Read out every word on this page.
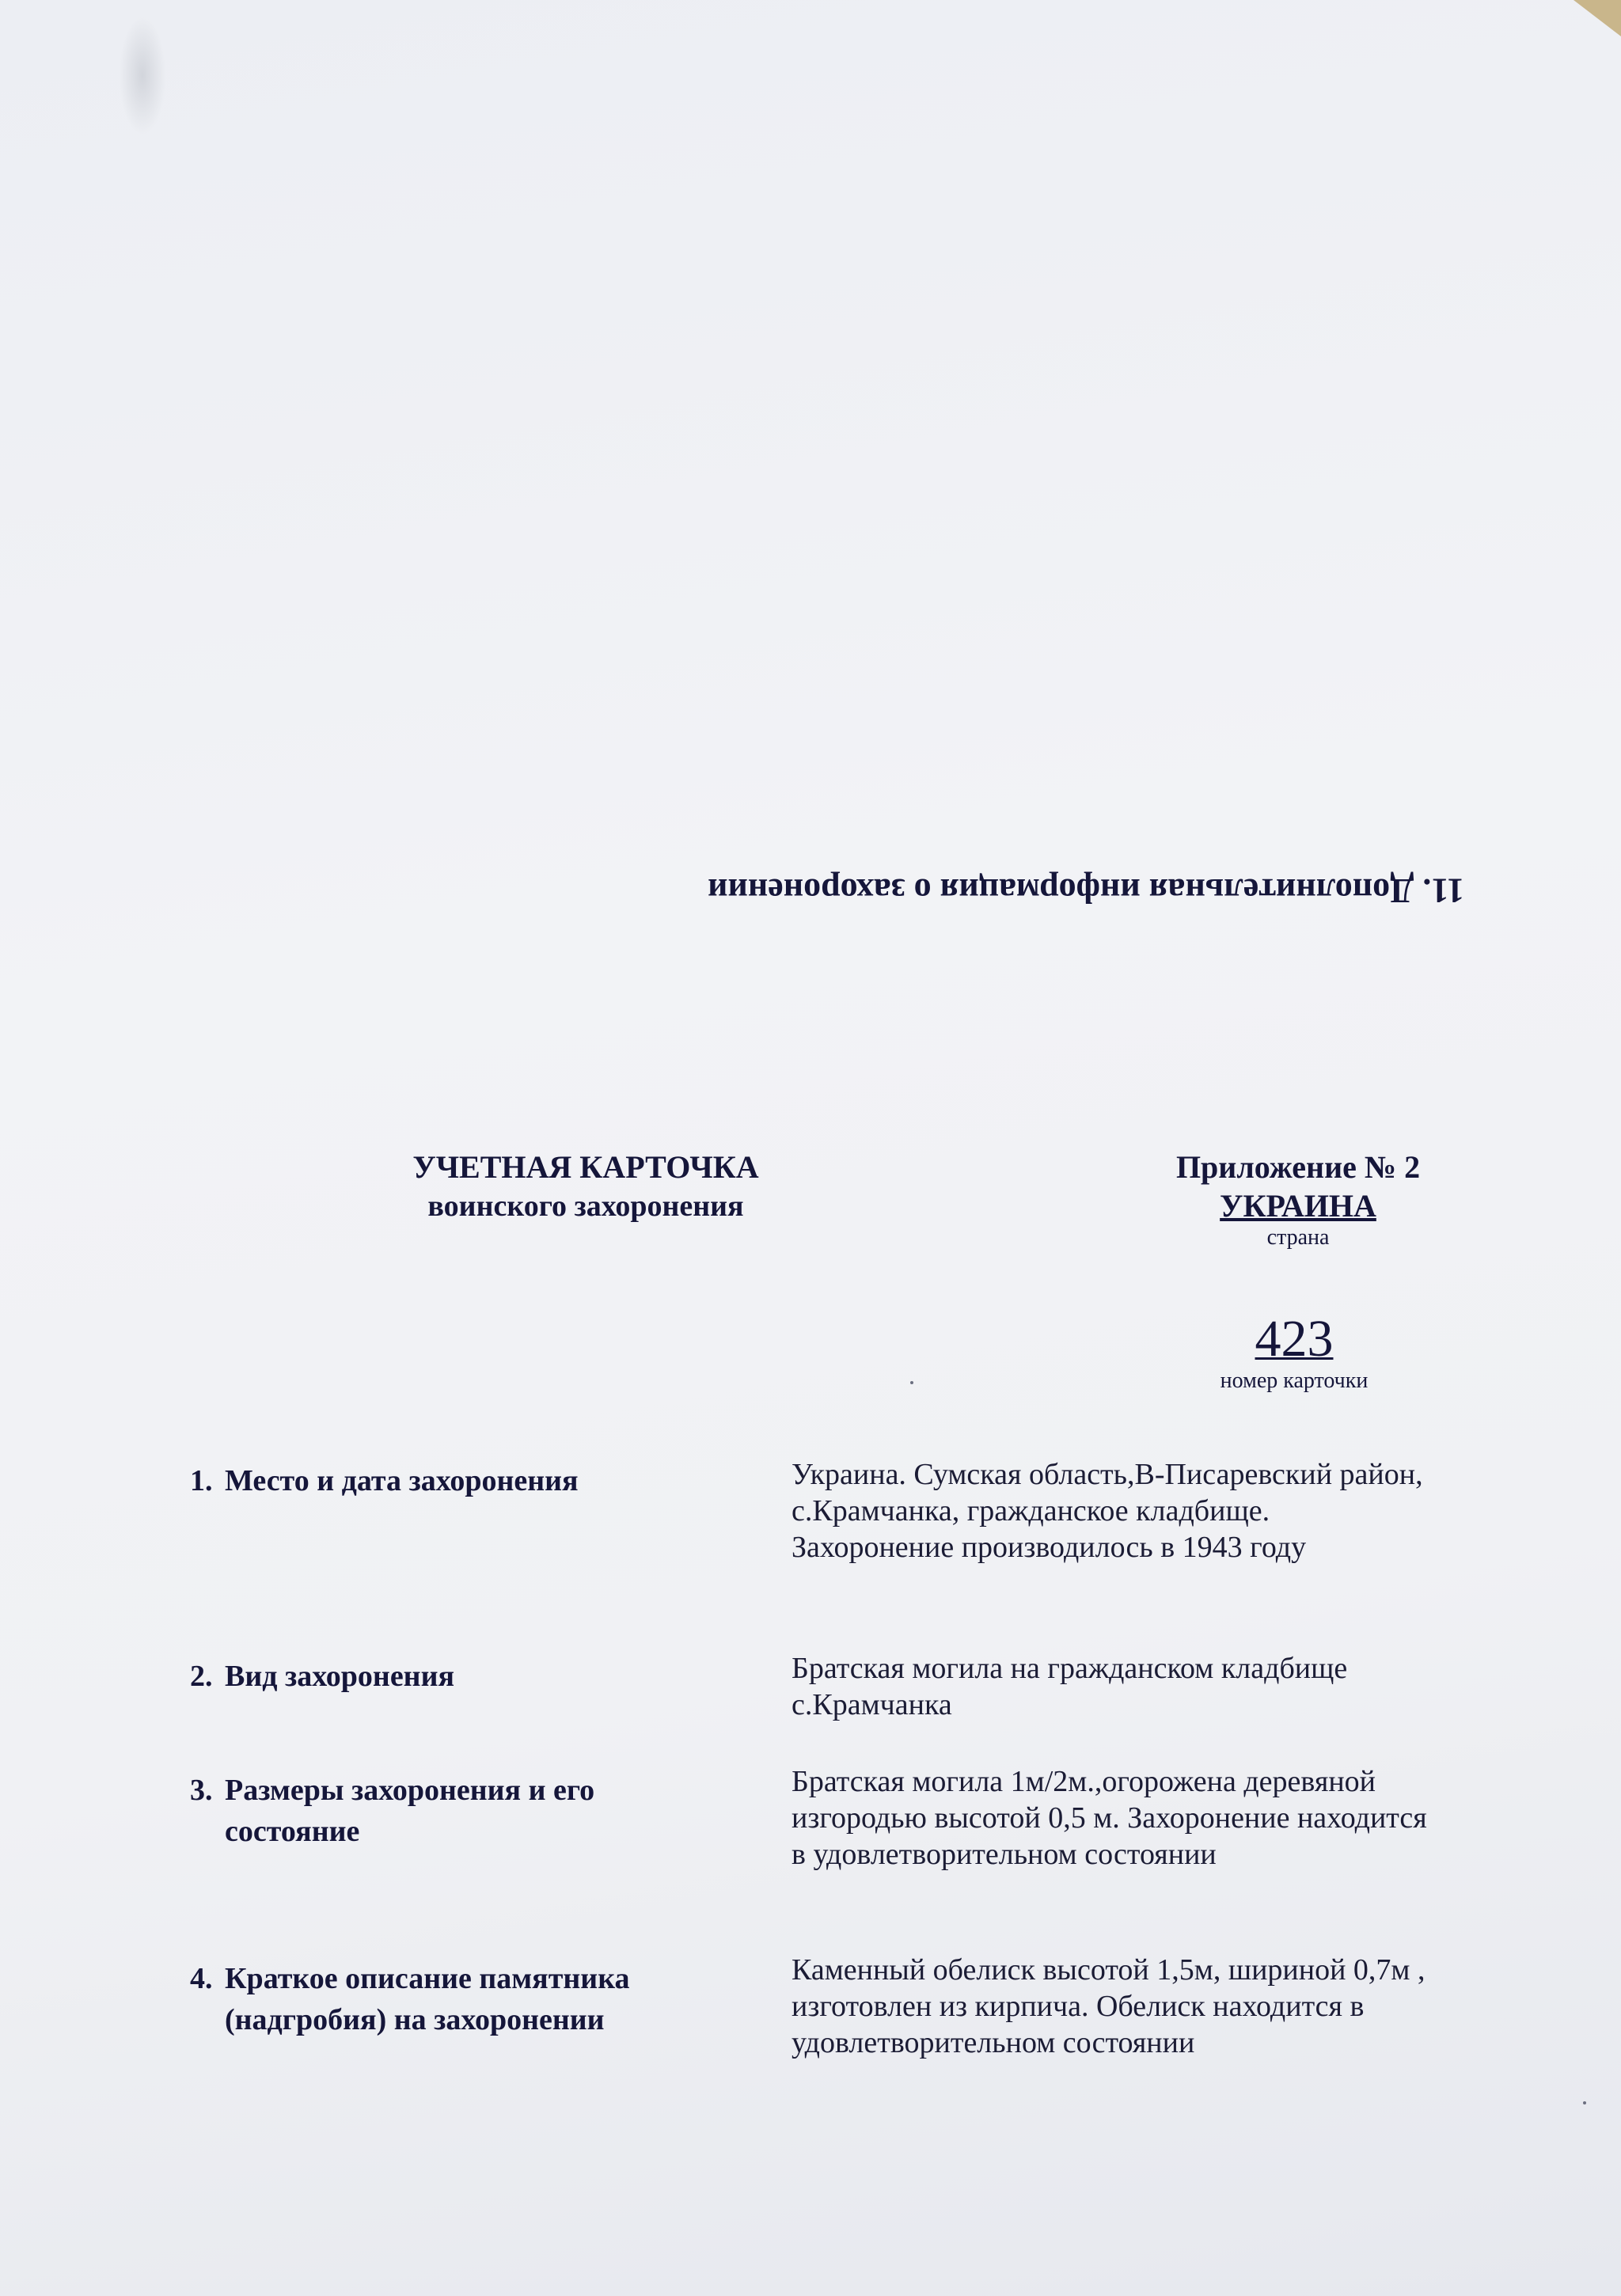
11. Дополнительная информация о захоронении
УЧЕТНАЯ КАРТОЧКА
воинского захоронения
Приложение № 2
УКРАИНА
страна
423
номер карточки
1. Место и дата захоронения	Украина. Сумская область,В-Писаревский район,
с.Крамчанка, гражданское кладбище.
Захоронение производилось в 1943 году
2. Вид захоронения	Братская могила на гражданском кладбище
с.Крамчанка
3. Размеры захоронения и его
состояние
Братская могила 1м/2м.,огорожена деревяной
изгородью высотой 0,5 м. Захоронение находится
в удовлетворительном состоянии
4. Краткое описание памятника
(надгробия) на захоронении
Каменный обелиск высотой 1,5м, шириной 0,7м ,
изготовлен из кирпича. Обелиск находится в
удовлетворительном состоянии
